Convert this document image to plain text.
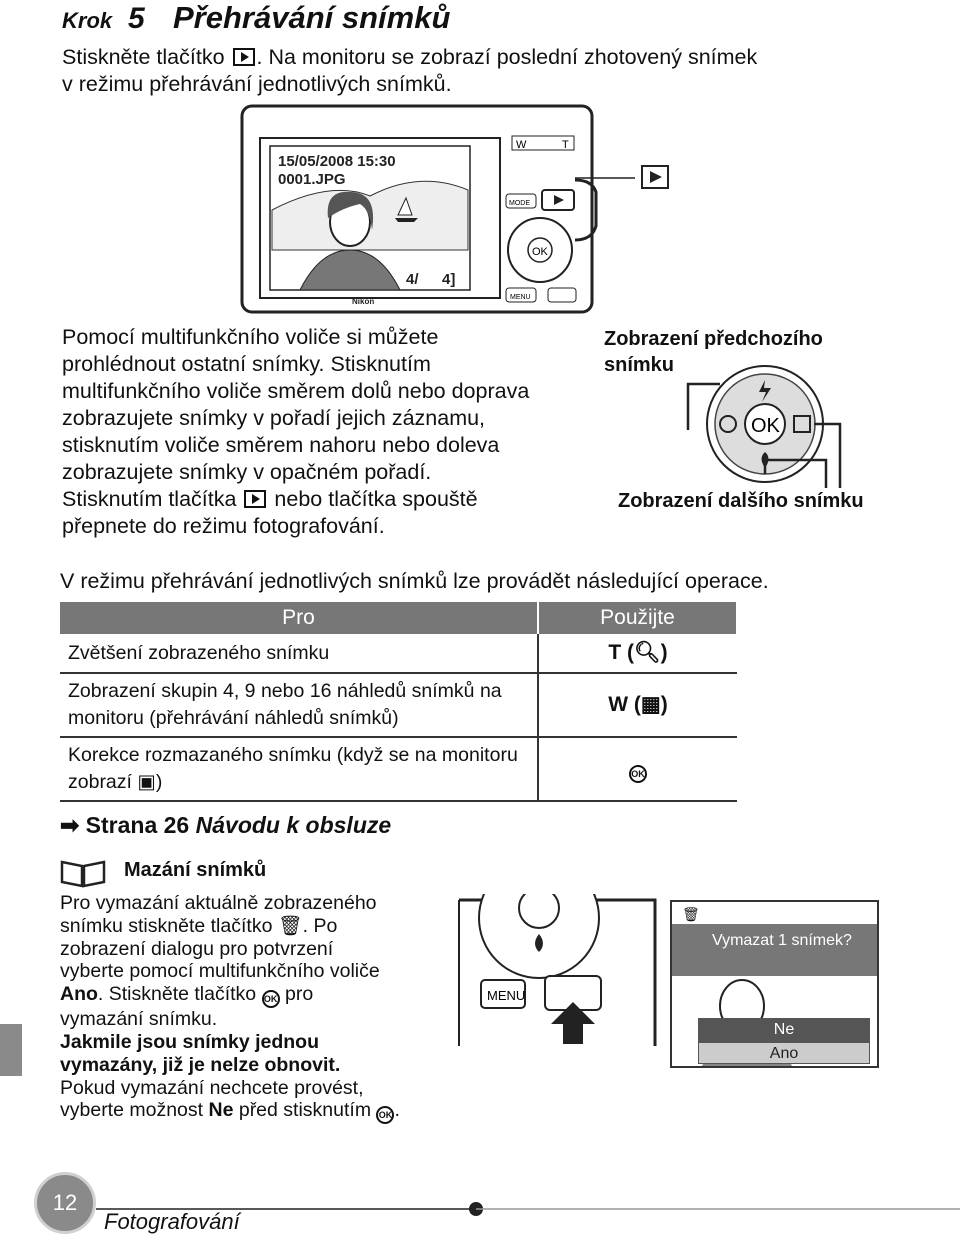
Krok 5 Přehrávání snímků
Stiskněte tlačítko . Na monitoru se zobrazí poslední zhotovený snímek
v režimu přehrávání jednotlivých snímků.
15/05/2008 15:30
0001.JPG
4/ 4]
Nikon
W	T
MODE
OK
MENU
Pomocí multifunkčního voliče si můžete
prohlédnout ostatní snímky. Stisknutím
multifunkčního voliče směrem dolů nebo doprava
zobrazujete snímky v pořadí jejich záznamu,
stisknutím voliče směrem nahoru nebo doleva
zobrazujete snímky v opačném pořadí.
Stisknutím tlačítka nebo tlačítka spouště
přepnete do režimu fotografování.
Zobrazení předchozího
snímku
OK
Zobrazení dalšího snímku
V režimu přehrávání jednotlivých snímků lze provádět následující operace.
Pro	Použijte
Zvětšení zobrazeného snímku	T (🔍︎)
Zobrazení skupin 4, 9 nebo 16 náhledů snímků na monitoru (přehrávání náhledů snímků)	W (▦)
Korekce rozmazaného snímku (když se na monitoru zobrazí ▣)	OK
➡ Strana 26 Návodu k obsluze
Mazání snímků
Pro vymazání aktuálně zobrazeného
snímku stiskněte tlačítko 🗑︎. Po
zobrazení dialogu pro potvrzení
vyberte pomocí multifunkčního voliče
Ano. Stiskněte tlačítko OK pro
vymazání snímku.
Jakmile jsou snímky jednou
vymazány, již je nelze obnovit.
Pokud vymazání nechcete provést,
vyberte možnost Ne před stisknutím OK .
MENU
🗑︎
Vymazat 1 snímek?
Ne
Ano
12
Fotografování
